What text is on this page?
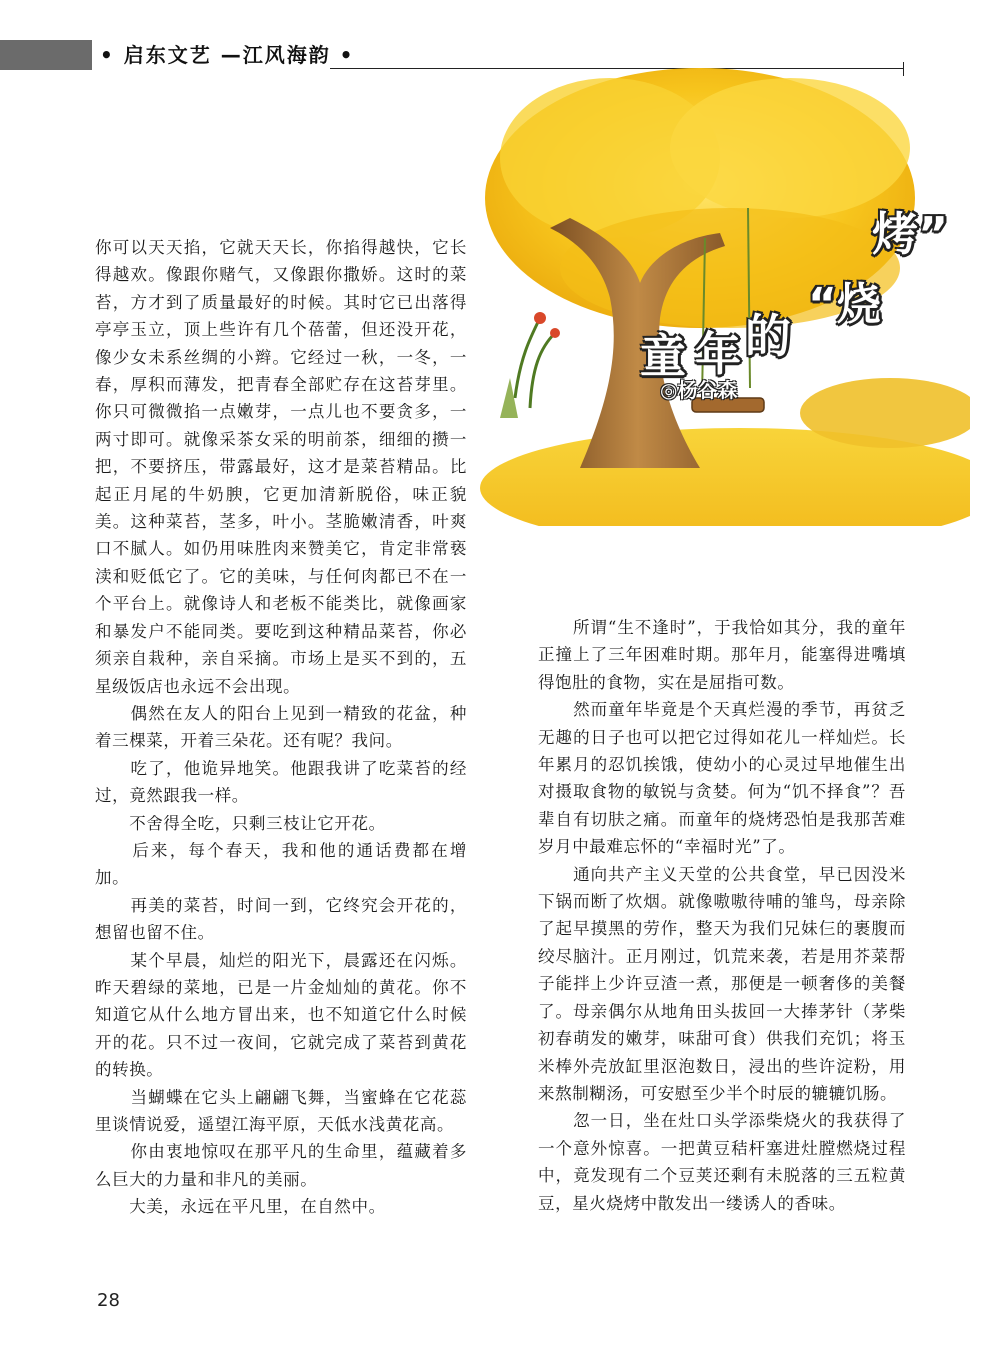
• 启东文艺 —江风海韵 •
烤”
“烧
的
年
童
◎杨谷森

你可以天天掐，它就天天长，你掐得越快，它长得越欢。像跟你赌气，又像跟你撒娇。这时的菜苔，方才到了质量最好的时候。其时它已出落得亭亭玉立，顶上些许有几个蓓蕾，但还没开花，像少女未系丝绸的小辫。它经过一秋，一冬，一春，厚积而薄发，把青春全部贮存在这苔芽里。你只可微微掐一点嫩芽，一点儿也不要贪多，一两寸即可。就像采茶女采的明前茶，细细的攒一把，不要挤压，带露最好，这才是菜苔精品。比起正月尾的牛奶腴，它更加清新脱俗，味正貌美。这种菜苔，茎多，叶小。茎脆嫩清香，叶爽口不腻人。如仍用味胜肉来赞美它，肯定非常亵渎和贬低它了。它的美味，与任何肉都已不在一个平台上。就像诗人和老板不能类比，就像画家和暴发户不能同类。要吃到这种精品菜苔，你必须亲自栽种，亲自采摘。市场上是买不到的，五星级饭店也永远不会出现。

　　偶然在友人的阳台上见到一精致的花盆，种着三棵菜，开着三朵花。还有呢？我问。

　　吃了，他诡异地笑。他跟我讲了吃菜苔的经过，竟然跟我一样。

　　不舍得全吃，只剩三枝让它开花。

　　后来，每个春天，我和他的通话费都在增加。

　　再美的菜苔，时间一到，它终究会开花的，想留也留不住。

　　某个早晨，灿烂的阳光下，晨露还在闪烁。昨天碧绿的菜地，已是一片金灿灿的黄花。你不知道它从什么地方冒出来，也不知道它什么时候开的花。只不过一夜间，它就完成了菜苔到黄花的转换。

　　当蝴蝶在它头上翩翩飞舞，当蜜蜂在它花蕊里谈情说爱，遥望江海平原，天低水浅黄花高。

　　你由衷地惊叹在那平凡的生命里，蕴藏着多么巨大的力量和非凡的美丽。

　　大美，永远在平凡里，在自然中。

　　所谓“生不逢时”，于我恰如其分，我的童年正撞上了三年困难时期。那年月，能塞得进嘴填得饱肚的食物，实在是屈指可数。

　　然而童年毕竟是个天真烂漫的季节，再贫乏无趣的日子也可以把它过得如花儿一样灿烂。长年累月的忍饥挨饿，使幼小的心灵过早地催生出对摄取食物的敏锐与贪婪。何为“饥不择食”？吾辈自有切肤之痛。而童年的烧烤恐怕是我那苦难岁月中最难忘怀的“幸福时光”了。

　　通向共产主义天堂的公共食堂，早已因没米下锅而断了炊烟。就像嗷嗷待哺的雏鸟，母亲除了起早摸黑的劳作，整天为我们兄妹仨的裹腹而绞尽脑汁。正月刚过，饥荒来袭，若是用芥菜帮子能拌上少许豆渣一煮，那便是一顿奢侈的美餐了。母亲偶尔从地角田头拔回一大捧茅针（茅柴初春萌发的嫩芽，味甜可食）供我们充饥；将玉米棒外壳放缸里沤泡数日，浸出的些许淀粉，用来熬制糊汤，可安慰至少半个时辰的辘辘饥肠。

　　忽一日，坐在灶口头学添柴烧火的我获得了一个意外惊喜。一把黄豆秸杆塞进灶膛燃烧过程中，竟发现有二个豆荚还剩有未脱落的三五粒黄豆，星火烧烤中散发出一缕诱人的香味。

28
